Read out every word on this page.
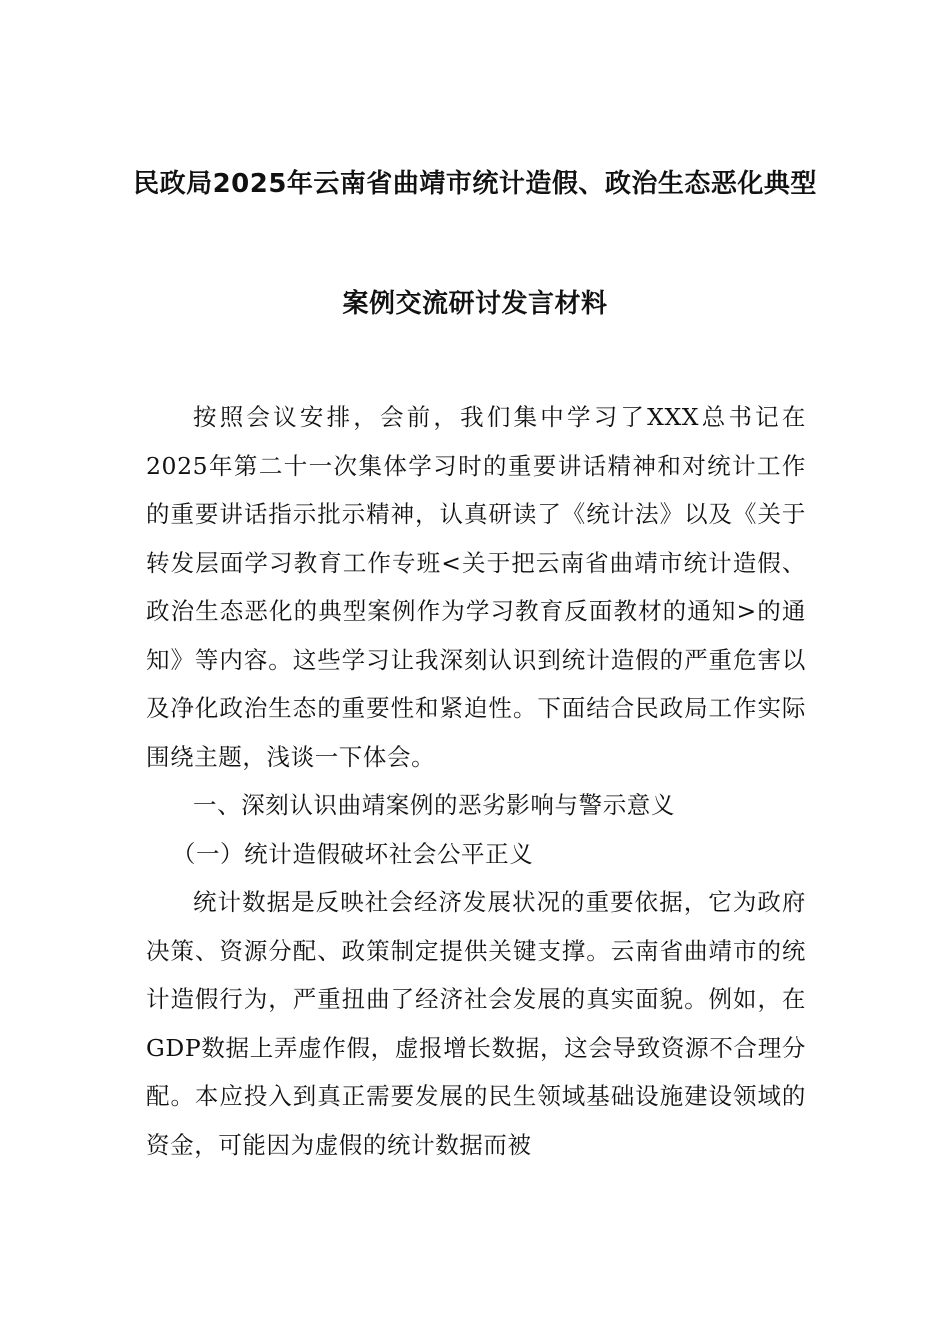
民政局2025年云南省曲靖市统计造假、政治生态恶化典型
案例交流研讨发言材料

按照会议安排，会前，我们集中学习了XXX总书记在2025年第二十一次集体学习时的重要讲话精神和对统计工作的重要讲话指示批示精神，认真研读了《统计法》以及《关于转发层面学习教育工作专班<关于把云南省曲靖市统计造假、政治生态恶化的典型案例作为学习教育反面教材的通知>的通知》等内容。这些学习让我深刻认识到统计造假的严重危害以及净化政治生态的重要性和紧迫性。下面结合民政局工作实际围绕主题，浅谈一下体会。

一、深刻认识曲靖案例的恶劣影响与警示意义

（一）统计造假破坏社会公平正义

统计数据是反映社会经济发展状况的重要依据，它为政府决策、资源分配、政策制定提供关键支撑。云南省曲靖市的统计造假行为，严重扭曲了经济社会发展的真实面貌。例如，在GDP数据上弄虚作假，虚报增长数据，这会导致资源不合理分配。本应投入到真正需要发展的民生领域基础设施建设领域的资金，可能因为虚假的统计数据而被
